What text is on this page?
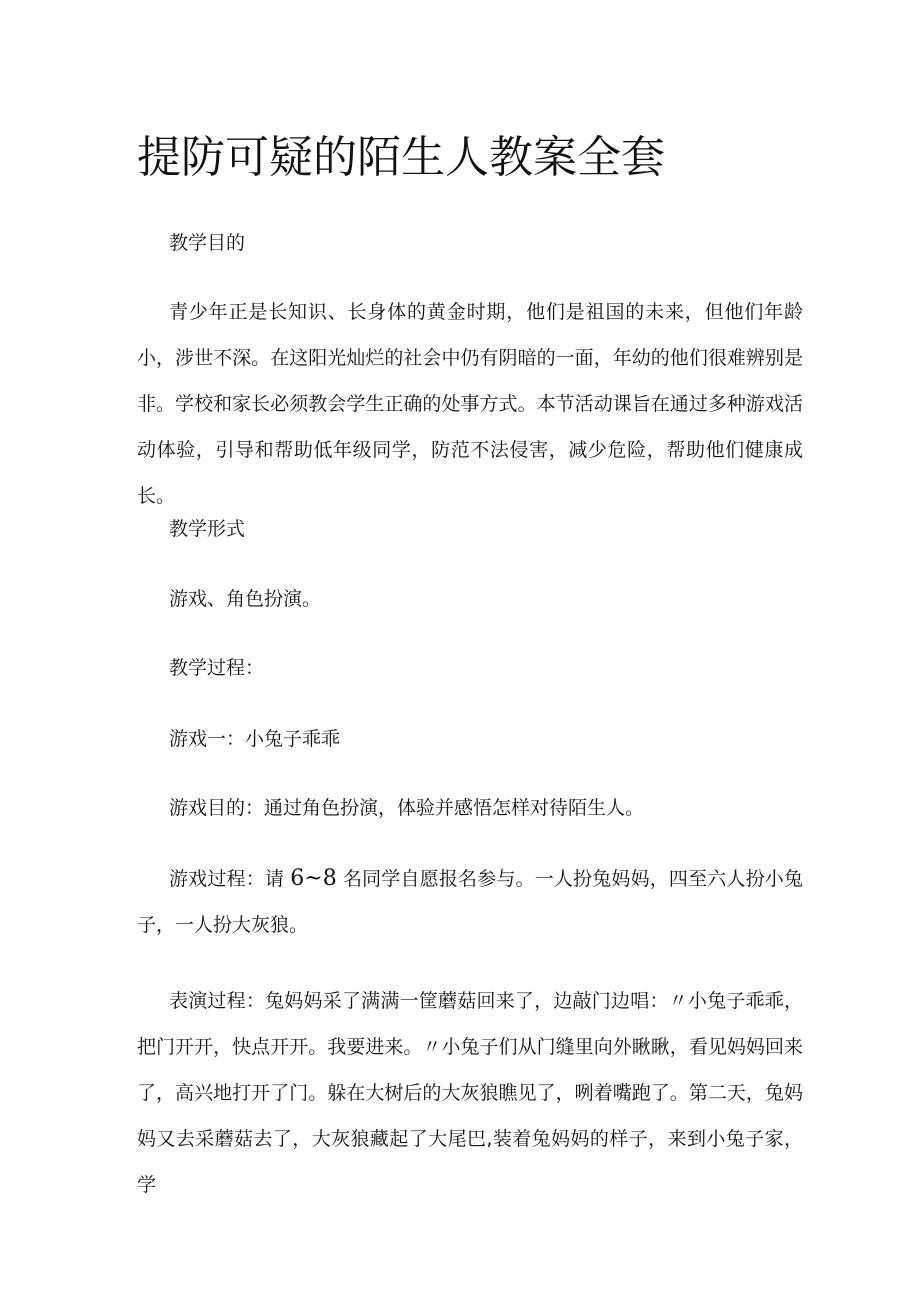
提防可疑的陌生人教案全套

教学目的

青少年正是长知识、长身体的黄金时期，他们是祖国的未来，但他们年龄小，涉世不深。在这阳光灿烂的社会中仍有阴暗的一面，年幼的他们很难辨别是非。学校和家长必须教会学生正确的处事方式。本节活动课旨在通过多种游戏活动体验，引导和帮助低年级同学，防范不法侵害，减少危险，帮助他们健康成长。

教学形式

游戏、角色扮演。

教学过程：

游戏一：小兔子乖乖

游戏目的：通过角色扮演，体验并感悟怎样对待陌生人。

游戏过程：请 6~8 名同学自愿报名参与。一人扮兔妈妈，四至六人扮小兔子，一人扮大灰狼。

表演过程：兔妈妈采了满满一筐蘑菇回来了，边敲门边唱：〃小兔子乖乖，把门开开，快点开开。我要进来。〃小兔子们从门缝里向外瞅瞅，看见妈妈回来了，高兴地打开了门。躲在大树后的大灰狼瞧见了，咧着嘴跑了。第二天，兔妈妈又去采蘑菇去了，大灰狼藏起了大尾巴,装着兔妈妈的样子，来到小兔子家，学
